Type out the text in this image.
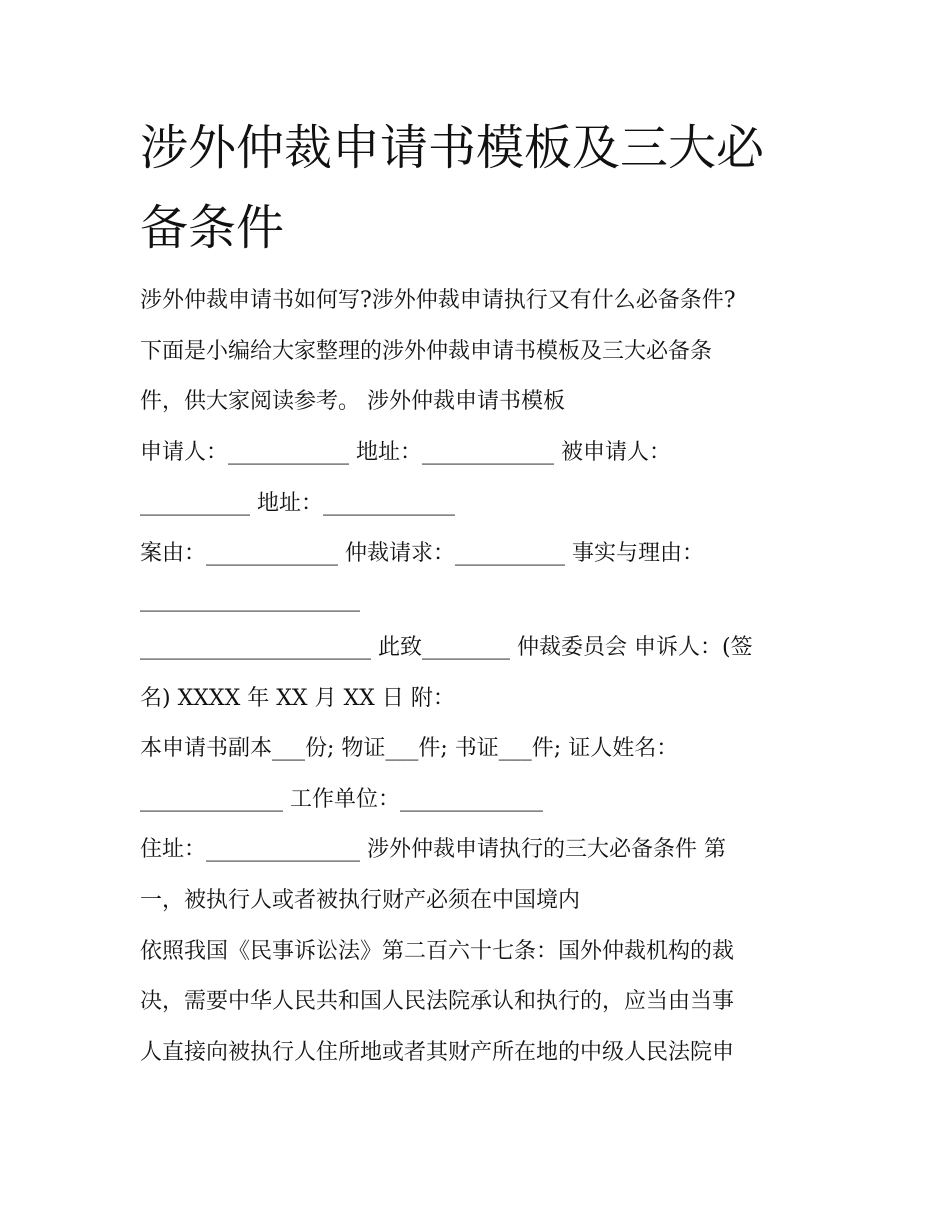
涉外仲裁申请书模板及三大必
备条件

涉外仲裁申请书如何写?涉外仲裁申请执行又有什么必备条件?

下面是小编给大家整理的涉外仲裁申请书模板及三大必备条

件，供大家阅读参考。 涉外仲裁申请书模板

申请人：___________ 地址：____________ 被申请人：

__________ 地址：____________

案由：____________ 仲裁请求：__________ 事实与理由：

____________________

_____________________ 此致________ 仲裁委员会 申诉人：(签

名) XXXX 年 XX 月 XX 日 附：

本申请书副本___份; 物证___件; 书证___件; 证人姓名：

_____________ 工作单位：_____________

住址：______________ 涉外仲裁申请执行的三大必备条件 第

一，被执行人或者被执行财产必须在中国境内

依照我国《民事诉讼法》第二百六十七条：国外仲裁机构的裁

决，需要中华人民共和国人民法院承认和执行的，应当由当事

人直接向被执行人住所地或者其财产所在地的中级人民法院申
